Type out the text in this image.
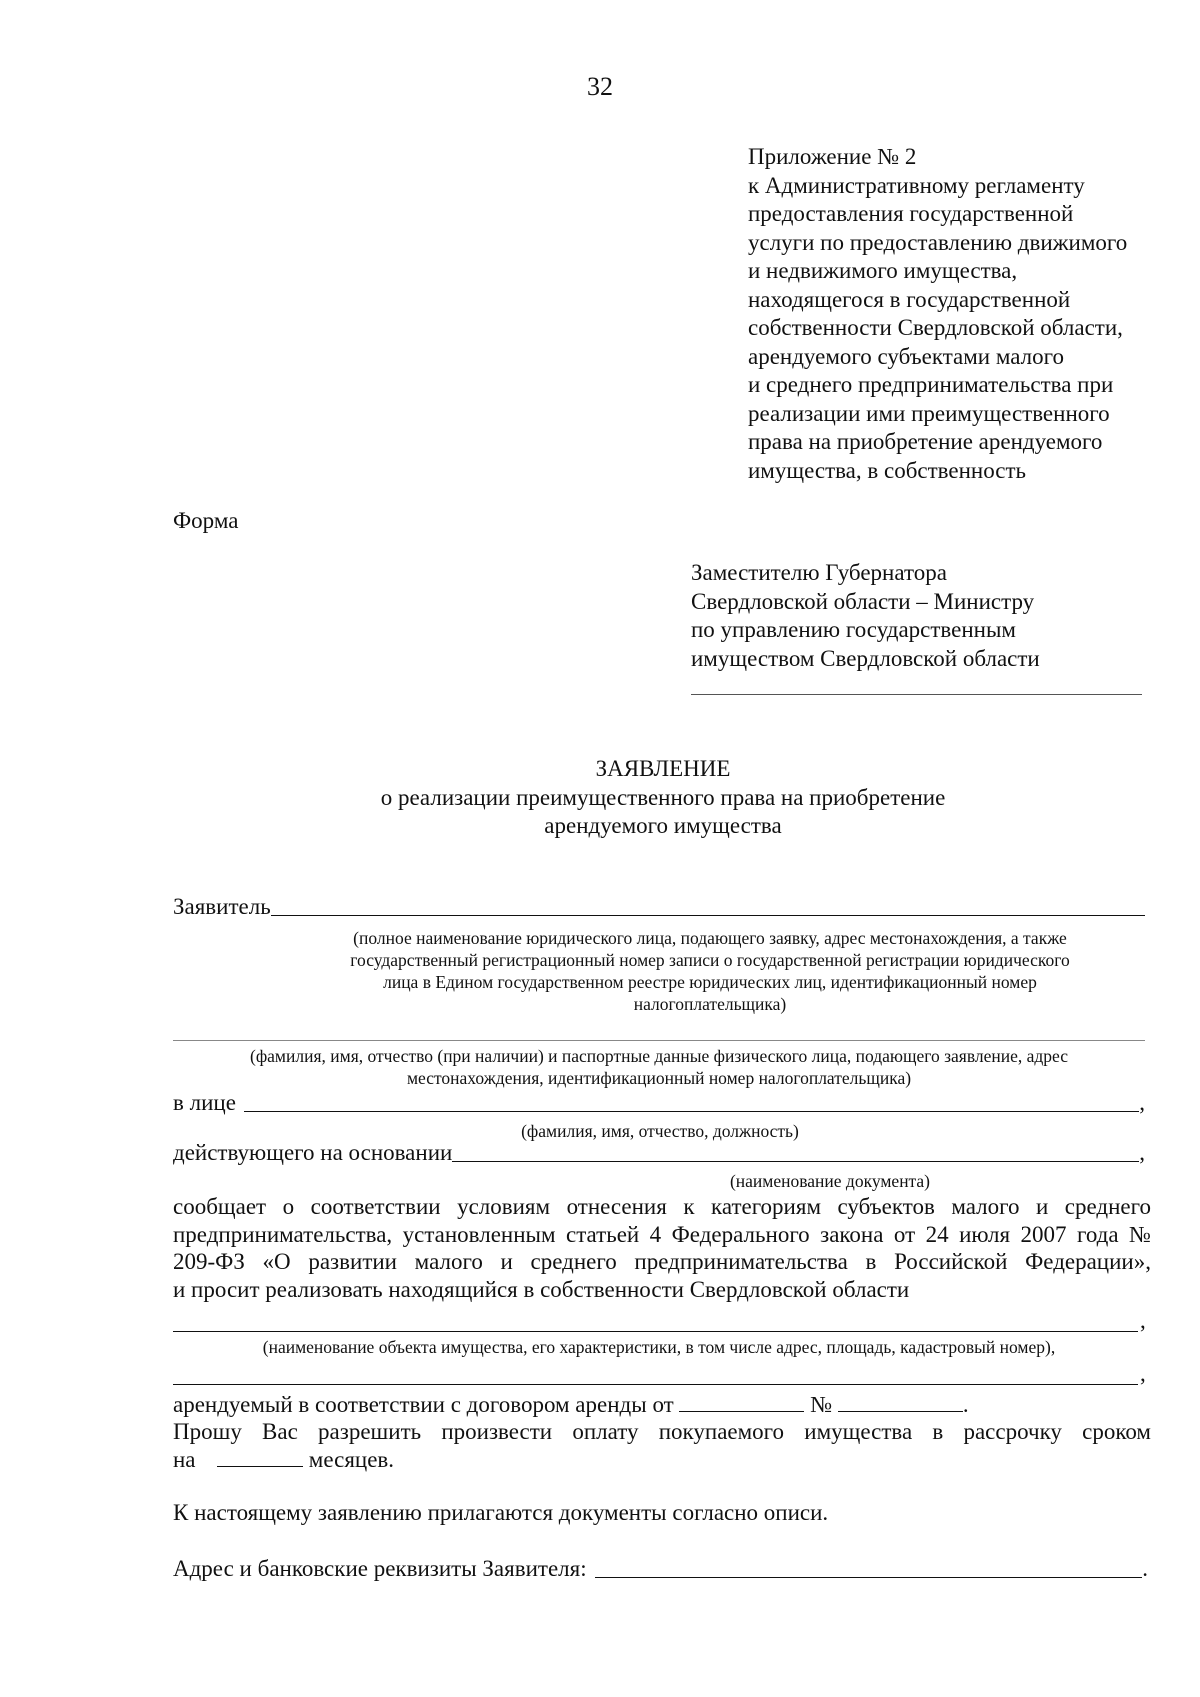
32
Приложение № 2
к Административному регламенту
предоставления государственной
услуги по предоставлению движимого
и недвижимого имущества,
находящегося в государственной
собственности Свердловской области,
арендуемого субъектами малого
и среднего предпринимательства при
реализации ими преимущественного
права на приобретение арендуемого
имущества, в собственность
Форма
Заместителю Губернатора
Свердловской области – Министру
по управлению государственным
имуществом Свердловской области
ЗАЯВЛЕНИЕ
о реализации преимущественного права на приобретение
арендуемого имущества
Заявитель
(полное наименование юридического лица, подающего заявку, адрес местонахождения, а также
государственный регистрационный номер записи о государственной регистрации юридического
лица в Едином государственном реестре юридических лиц, идентификационный номер
налогоплательщика)
(фамилия, имя, отчество (при наличии) и паспортные данные физического лица, подающего заявление, адрес
местонахождения, идентификационный номер налогоплательщика)
в лице	,
(фамилия, имя, отчество, должность)
действующего на основании	,
(наименование документа)
сообщает о соответствии условиям отнесения к категориям субъектов малого и среднего
предпринимательства, установленным статьей 4 Федерального закона от 24 июля 2007 года №
209-ФЗ «О развитии малого и среднего предпринимательства в Российской Федерации»,
и просит реализовать находящийся в собственности Свердловской области
,
(наименование объекта имущества, его характеристики, в том числе адрес, площадь, кадастровый номер),
,
арендуемый в соответствии с договором аренды от	№	.
Прошу Вас разрешить произвести оплату покупаемого имущества в рассрочку сроком
на	месяцев.
К настоящему заявлению прилагаются документы согласно описи.
Адрес и банковские реквизиты Заявителя:	.
